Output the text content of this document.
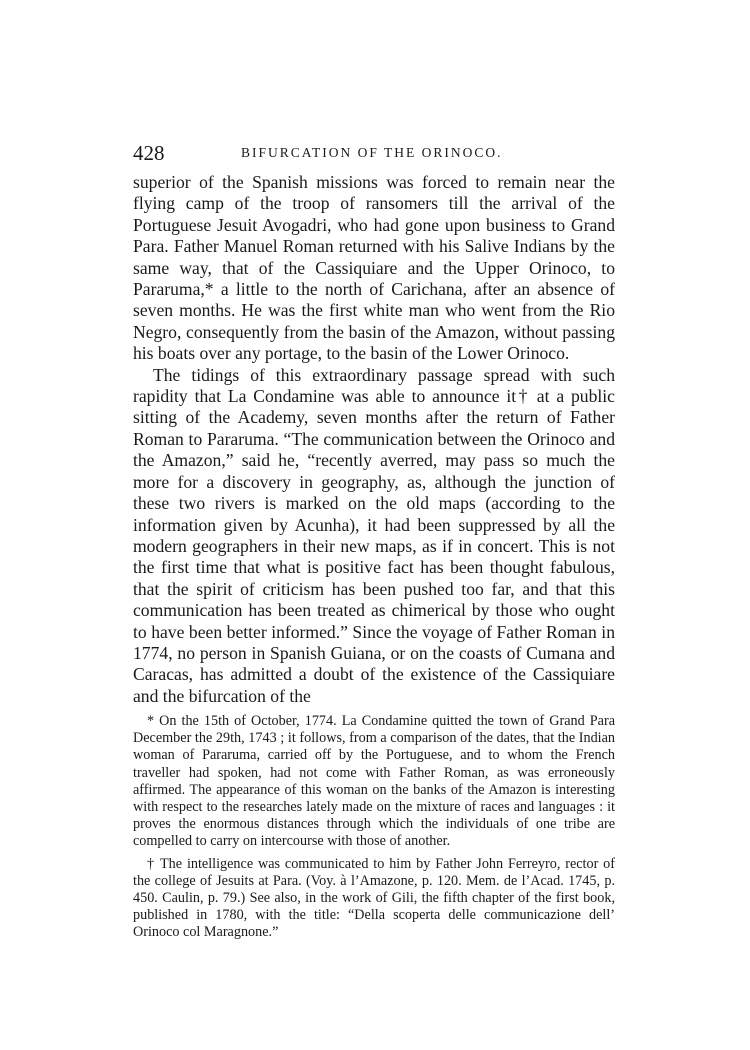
428	BIFURCATION OF THE ORINOCO.

superior of the Spanish missions was forced to remain near the flying camp of the troop of ransomers till the arrival of the Portuguese Jesuit Avogadri, who had gone upon business to Grand Para. Father Manuel Roman returned with his Salive Indians by the same way, that of the Cassiquiare and the Upper Orinoco, to Pararuma,* a little to the north of Carichana, after an absence of seven months. He was the first white man who went from the Rio Negro, consequently from the basin of the Amazon, without passing his boats over any portage, to the basin of the Lower Orinoco.

The tidings of this extraordinary passage spread with such rapidity that La Condamine was able to announce it† at a public sitting of the Academy, seven months after the return of Father Roman to Pararuma. “The communication between the Orinoco and the Amazon,” said he, “recently averred, may pass so much the more for a discovery in geography, as, although the junction of these two rivers is marked on the old maps (according to the information given by Acunha), it had been suppressed by all the modern geographers in their new maps, as if in concert. This is not the first time that what is positive fact has been thought fabulous, that the spirit of criticism has been pushed too far, and that this communication has been treated as chimerical by those who ought to have been better informed.” Since the voyage of Father Roman in 1774, no person in Spanish Guiana, or on the coasts of Cumana and Caracas, has admitted a doubt of the existence of the Cassiquiare and the bifurcation of the

* On the 15th of October, 1774. La Condamine quitted the town of Grand Para December the 29th, 1743 ; it follows, from a comparison of the dates, that the Indian woman of Pararuma, carried off by the Portuguese, and to whom the French traveller had spoken, had not come with Father Roman, as was erroneously affirmed. The appearance of this woman on the banks of the Amazon is interesting with respect to the researches lately made on the mixture of races and languages : it proves the enormous distances through which the individuals of one tribe are compelled to carry on intercourse with those of another.

† The intelligence was communicated to him by Father John Ferreyro, rector of the college of Jesuits at Para. (Voy. à l’Amazone, p. 120. Mem. de l’Acad. 1745, p. 450. Caulin, p. 79.) See also, in the work of Gili, the fifth chapter of the first book, published in 1780, with the title: “Della scoperta delle communicazione dell’ Orinoco col Maragnone.”
